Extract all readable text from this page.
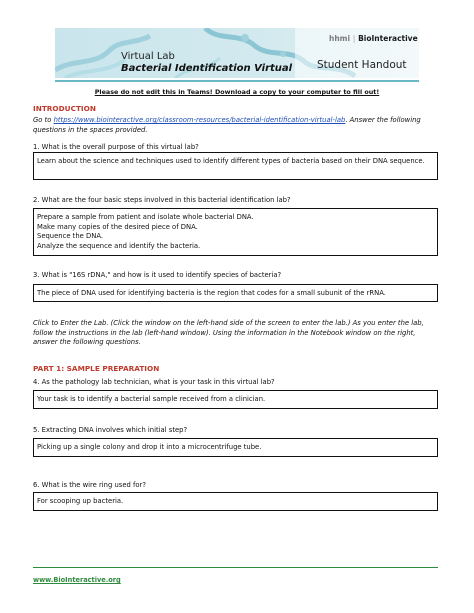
hhmi | BioInteractive
Virtual Lab
Bacterial Identification Virtual Student Handout
Please do not edit this in Teams! Download a copy to your computer to fill out!
INTRODUCTION
Go to https://www.biointeractive.org/classroom-resources/bacterial-identification-virtual-lab. Answer the following questions in the spaces provided.
1. What is the overall purpose of this virtual lab?
Learn about the science and techniques used to identify different types of bacteria based on their DNA sequence.
2. What are the four basic steps involved in this bacterial identification lab?
Prepare a sample from patient and isolate whole bacterial DNA.
Make many copies of the desired piece of DNA.
Sequence the DNA.
Analyze the sequence and identify the bacteria.
3. What is "16S rDNA," and how is it used to identify species of bacteria?
The piece of DNA used for identifying bacteria is the region that codes for a small subunit of the rRNA.
Click to Enter the Lab. (Click the window on the left-hand side of the screen to enter the lab.) As you enter the lab, follow the instructions in the lab (left-hand window). Using the information in the Notebook window on the right, answer the following questions.
PART 1: SAMPLE PREPARATION
4. As the pathology lab technician, what is your task in this virtual lab?
Your task is to identify a bacterial sample received from a clinician.
5. Extracting DNA involves which initial step?
Picking up a single colony and drop it into a microcentrifuge tube.
6. What is the wire ring used for?
For scooping up bacteria.
www.BioInteractive.org
